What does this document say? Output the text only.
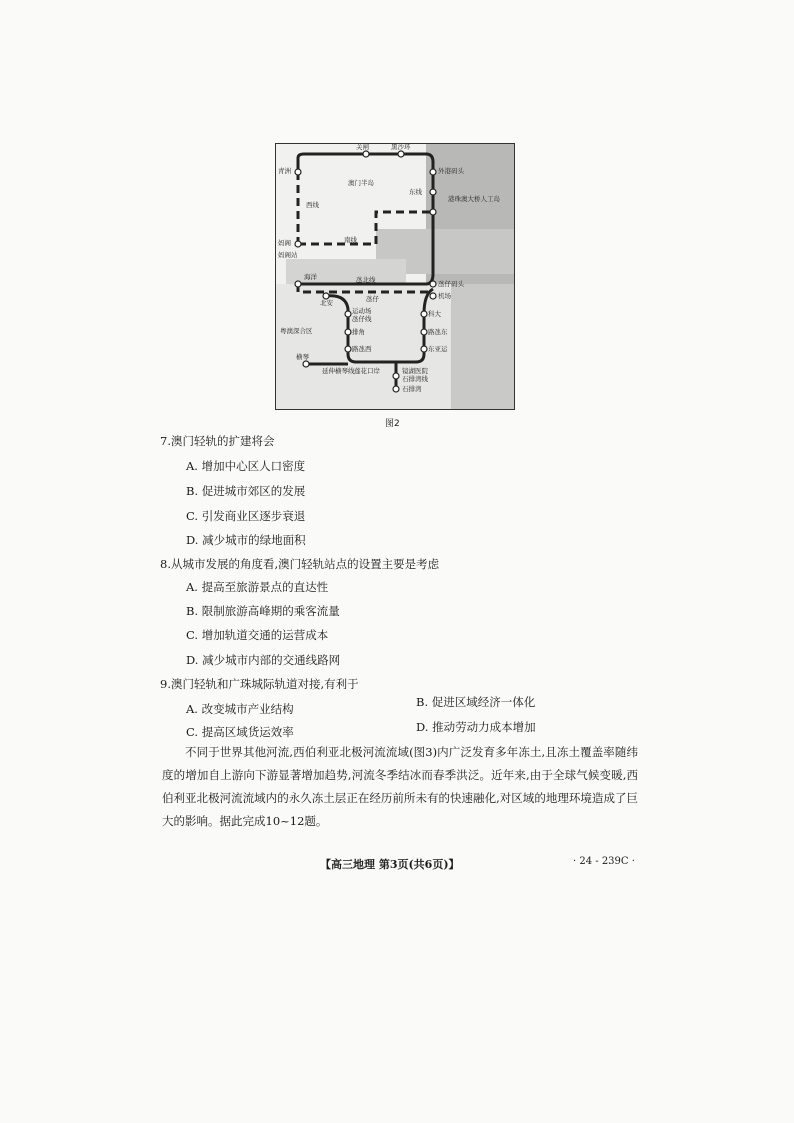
关闸	黑沙环
青洲
东线
妈阁
海洋
氹仔码头
机场
科大
路氹东
东亚运
莲花口岸
石排湾
运动场
氹仔线
排角
路氹西
横琴
北安
外港码头
镜湖医院
石排湾线
妈阁站
西线
南线
氹北线
延伸横琴线
澳门半岛
港珠澳大桥人工岛
氹仔
粤澳深合区
图2
7.澳门轻轨的扩建将会
A. 增加中心区人口密度
B. 促进城市郊区的发展
C. 引发商业区逐步衰退
D. 减少城市的绿地面积
8.从城市发展的角度看,澳门轻轨站点的设置主要是考虑
A. 提高至旅游景点的直达性
B. 限制旅游高峰期的乘客流量
C. 增加轨道交通的运营成本
D. 减少城市内部的交通线路网
9.澳门轻轨和广珠城际轨道对接,有利于
A. 改变城市产业结构	B. 促进区域经济一体化
C. 提高区域货运效率	D. 推动劳动力成本增加
不同于世界其他河流,西伯利亚北极河流流域(图3)内广泛发育多年冻土,且冻土覆盖率随纬度的增加自上游向下游显著增加趋势,河流冬季结冰而春季洪泛。近年来,由于全球气候变暖,西伯利亚北极河流流域内的永久冻土层正在经历前所未有的快速融化,对区域的地理环境造成了巨大的影响。据此完成10~12题。
【高三地理 第3页(共6页)】	· 24 - 239C ·
